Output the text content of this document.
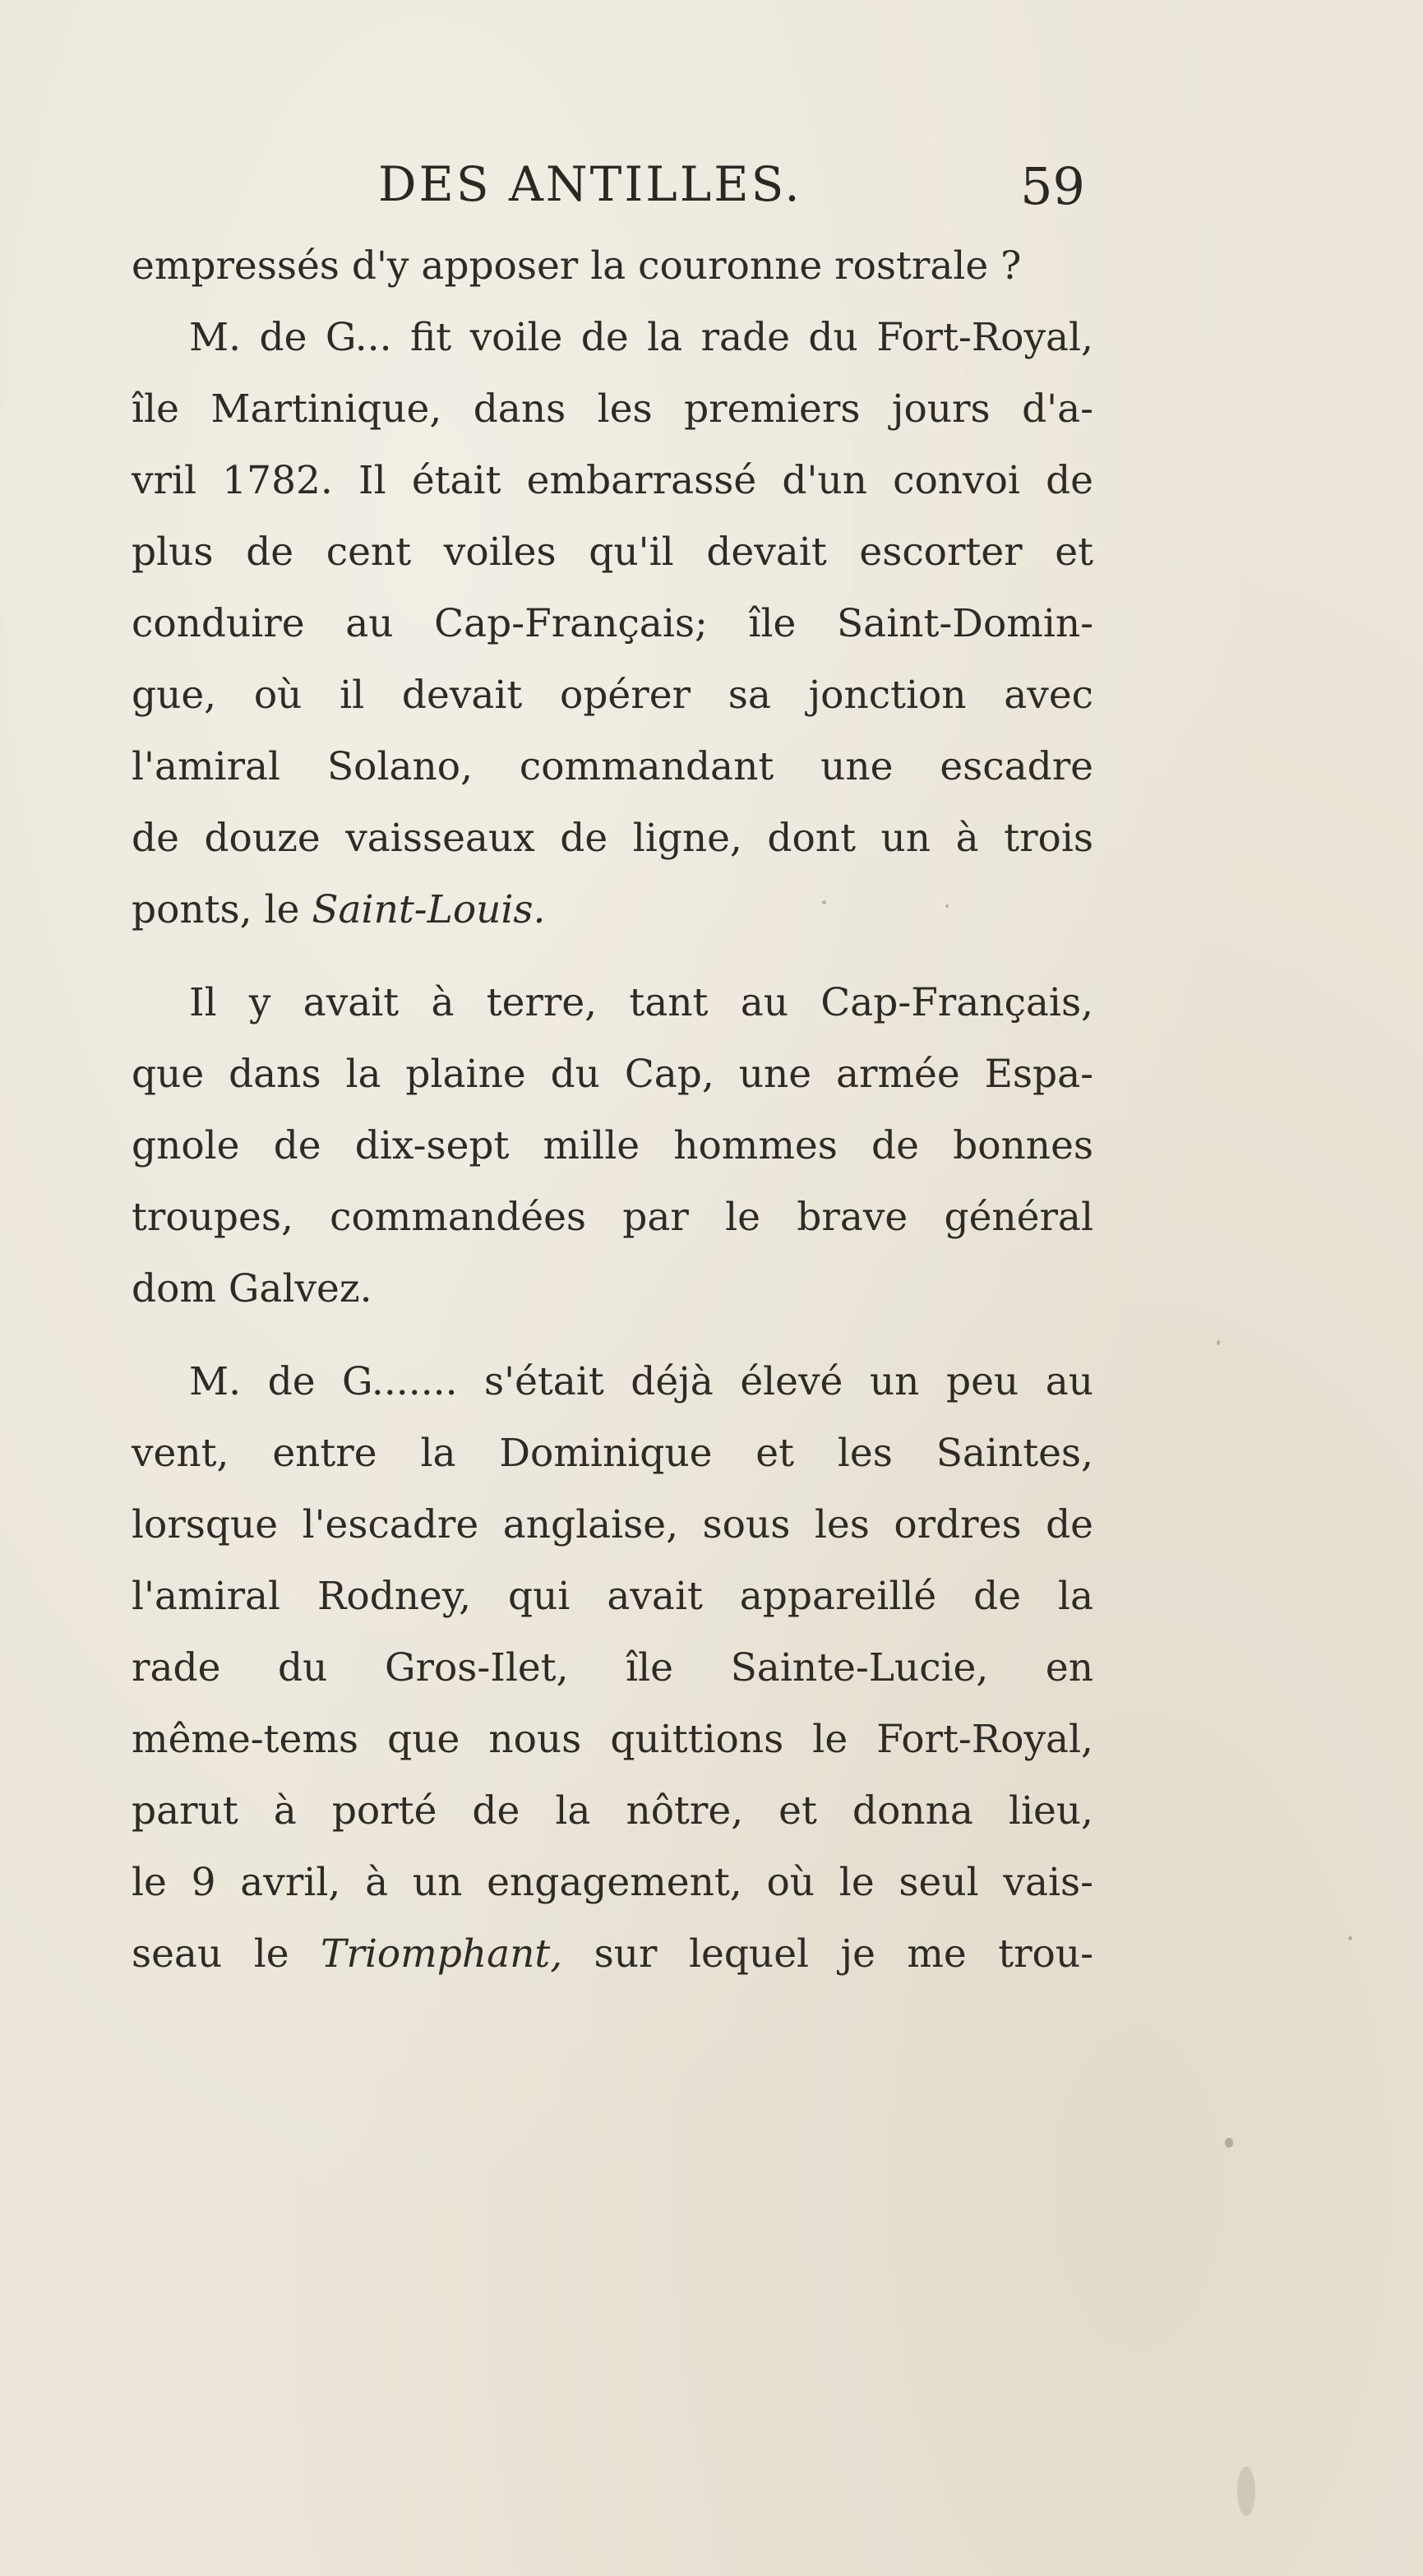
DES ANTILLES.	59
empressés d'y apposer la couronne rostrale ?
M. de G... fit voile de la rade du Fort-Royal,
île Martinique, dans les premiers jours d'a-
vril 1782. Il était embarrassé d'un convoi de
plus de cent voiles qu'il devait escorter et
conduire au Cap-Français; île Saint-Domin-
gue, où il devait opérer sa jonction avec
l'amiral Solano, commandant une escadre
de douze vaisseaux de ligne, dont un à trois
ponts, le Saint-Louis.
Il y avait à terre, tant au Cap-Français,
que dans la plaine du Cap, une armée Espa-
gnole de dix-sept mille hommes de bonnes
troupes, commandées par le brave général
dom Galvez.
M. de G....... s'était déjà élevé un peu au
vent, entre la Dominique et les Saintes,
lorsque l'escadre anglaise, sous les ordres de
l'amiral Rodney, qui avait appareillé de la
rade du Gros-Ilet, île Sainte-Lucie, en
même-tems que nous quittions le Fort-Royal,
parut à porté de la nôtre, et donna lieu,
le 9 avril, à un engagement, où le seul vais-
seau le Triomphant, sur lequel je me trou-
